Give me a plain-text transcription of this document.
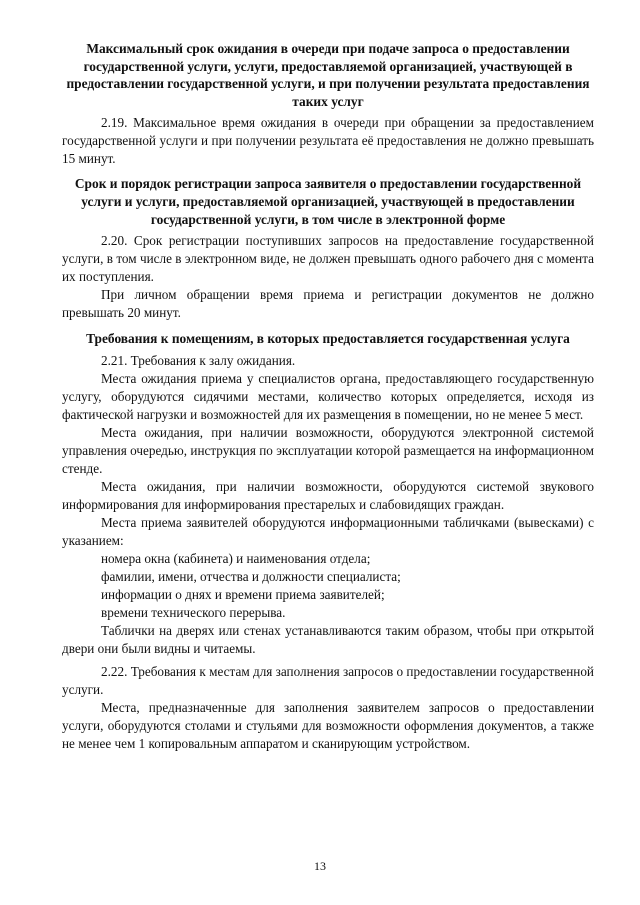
Максимальный срок ожидания в очереди при подаче запроса о предоставлении государственной услуги, услуги, предоставляемой организацией, участвующей в предоставлении государственной услуги, и при получении результата предоставления таких услуг

2.19. Максимальное время ожидания в очереди при обращении за предоставлением государственной услуги и при получении результата её предоставления не должно превышать 15 минут.

Срок и порядок регистрации запроса заявителя о предоставлении государственной услуги и услуги, предоставляемой организацией, участвующей в предоставлении государственной услуги, в том числе в электронной форме

2.20. Срок регистрации поступивших запросов на предоставление государственной услуги, в том числе в электронном виде, не должен превышать одного рабочего дня с момента их поступления.

При личном обращении время приема и регистрации документов не должно превышать 20 минут.

Требования к помещениям, в которых предоставляется государственная услуга

2.21. Требования к залу ожидания.

Места ожидания приема у специалистов органа, предоставляющего государственную услугу, оборудуются сидячими местами, количество которых определяется, исходя из фактической нагрузки и возможностей для их размещения в помещении, но не менее 5 мест.

Места ожидания, при наличии возможности, оборудуются электронной системой управления очередью, инструкция по эксплуатации которой размещается на информационном стенде.

Места ожидания, при наличии возможности, оборудуются системой звукового информирования для информирования престарелых и слабовидящих граждан.

Места приема заявителей оборудуются информационными табличками (вывесками) с указанием:

номера окна (кабинета) и наименования отдела;

фамилии, имени, отчества и должности специалиста;

информации о днях и времени приема заявителей;

времени технического перерыва.

Таблички на дверях или стенах устанавливаются таким образом, чтобы при открытой двери они были видны и читаемы.

2.22. Требования к местам для заполнения запросов о предоставлении государственной услуги.

Места, предназначенные для заполнения заявителем запросов о предоставлении услуги, оборудуются столами и стульями для возможности оформления документов, а также не менее чем 1 копировальным аппаратом и сканирующим устройством.

13
